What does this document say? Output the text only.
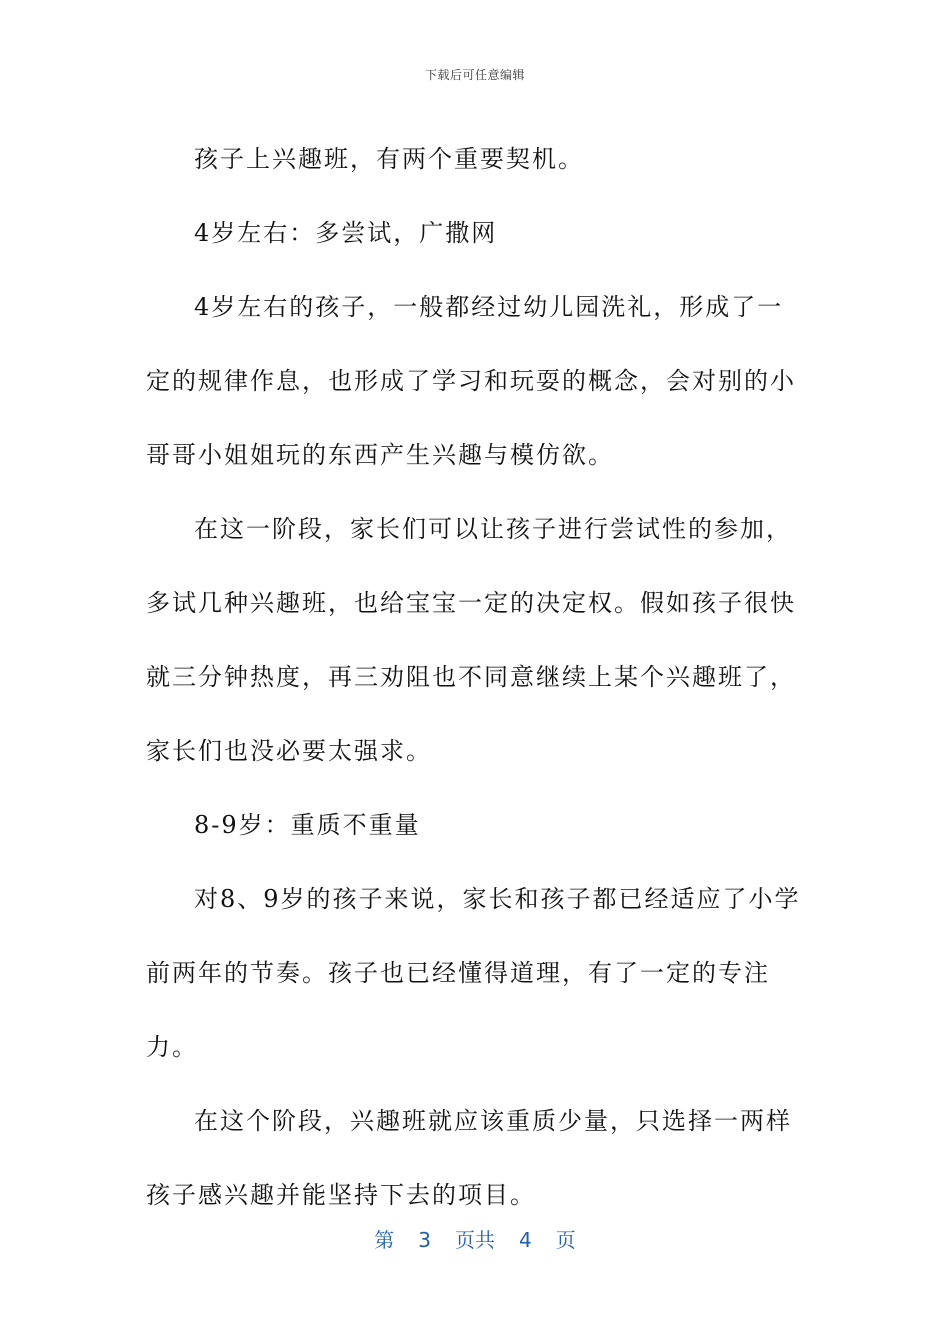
下载后可任意编辑

孩子上兴趣班，有两个重要契机。

4岁左右：多尝试，广撒网

4岁左右的孩子，一般都经过幼儿园洗礼，形成了一定的规律作息，也形成了学习和玩耍的概念，会对别的小哥哥小姐姐玩的东西产生兴趣与模仿欲。

在这一阶段，家长们可以让孩子进行尝试性的参加，多试几种兴趣班，也给宝宝一定的决定权。假如孩子很快就三分钟热度，再三劝阻也不同意继续上某个兴趣班了，家长们也没必要太强求。

8-9岁：重质不重量

对8、9岁的孩子来说，家长和孩子都已经适应了小学前两年的节奏。孩子也已经懂得道理，有了一定的专注力。

在这个阶段，兴趣班就应该重质少量，只选择一两样孩子感兴趣并能坚持下去的项目。

第 3 页共 4 页
